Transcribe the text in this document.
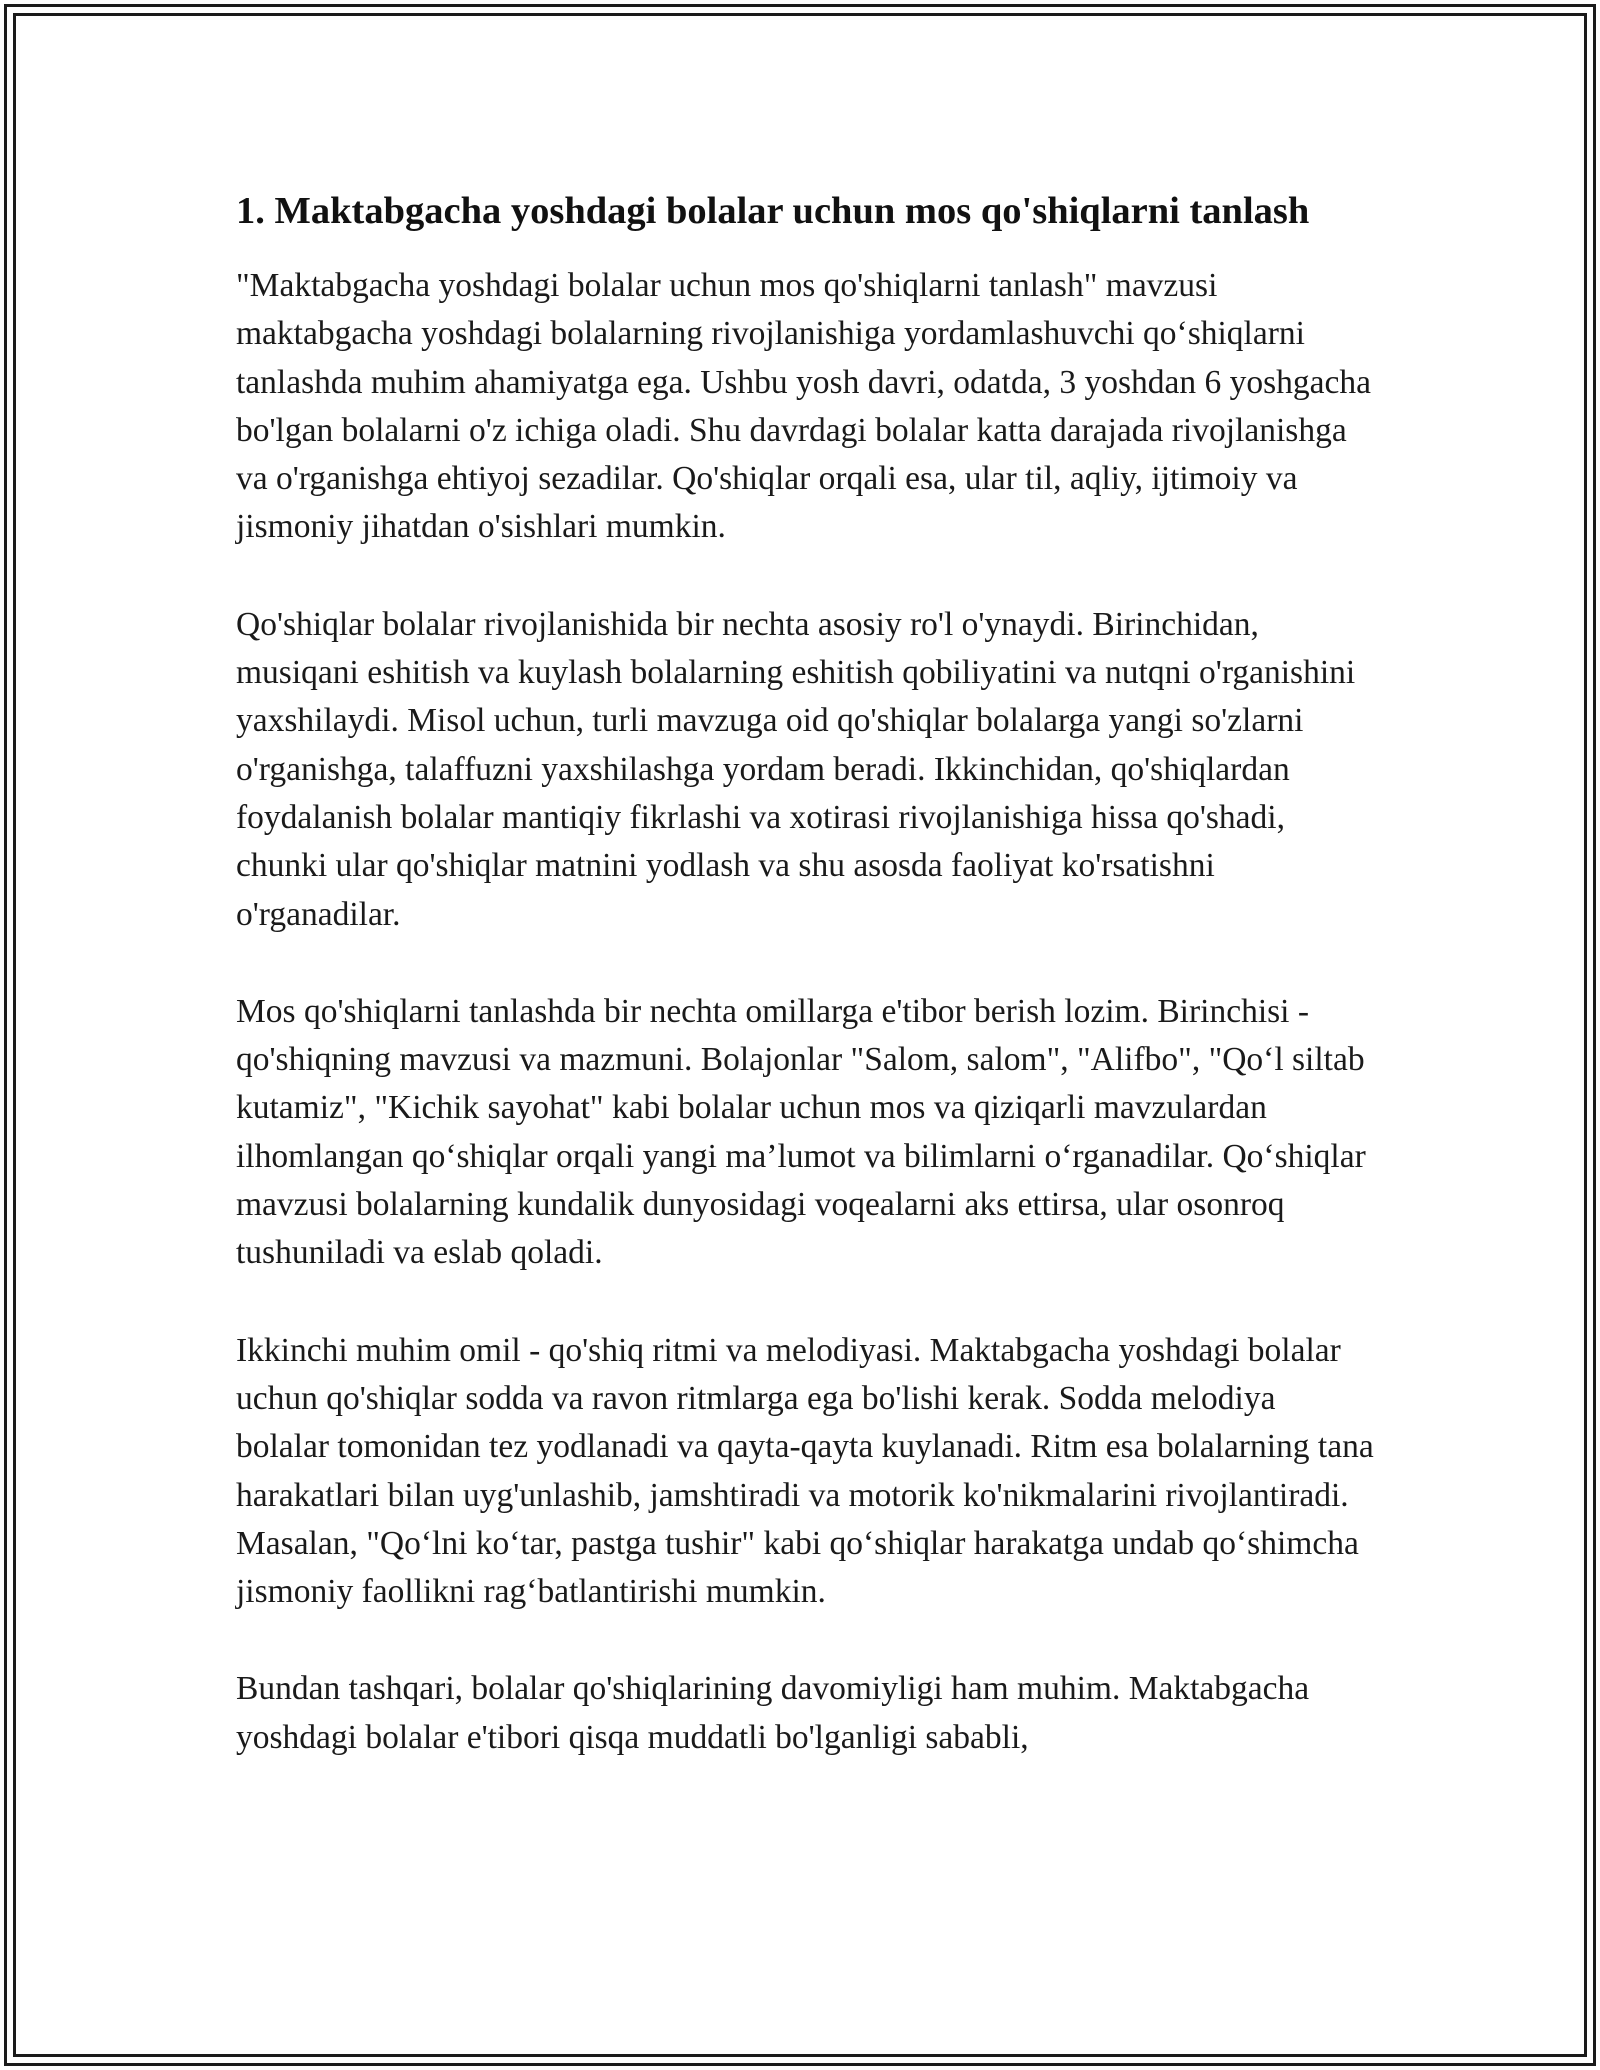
1. Maktabgacha yoshdagi bolalar uchun mos qo'shiqlarni tanlash

"Maktabgacha yoshdagi bolalar uchun mos qo'shiqlarni tanlash" mavzusi maktabgacha yoshdagi bolalarning rivojlanishiga yordamlashuvchi qo‘shiqlarni tanlashda muhim ahamiyatga ega. Ushbu yosh davri, odatda, 3 yoshdan 6 yoshgacha bo'lgan bolalarni o'z ichiga oladi. Shu davrdagi bolalar katta darajada rivojlanishga va o'rganishga ehtiyoj sezadilar. Qo'shiqlar orqali esa, ular til, aqliy, ijtimoiy va jismoniy jihatdan o'sishlari mumkin.

Qo'shiqlar bolalar rivojlanishida bir nechta asosiy ro'l o'ynaydi. Birinchidan, musiqani eshitish va kuylash bolalarning eshitish qobiliyatini va nutqni o'rganishini yaxshilaydi. Misol uchun, turli mavzuga oid qo'shiqlar bolalarga yangi so'zlarni o'rganishga, talaffuzni yaxshilashga yordam beradi. Ikkinchidan, qo'shiqlardan foydalanish bolalar mantiqiy fikrlashi va xotirasi rivojlanishiga hissa qo'shadi, chunki ular qo'shiqlar matnini yodlash va shu asosda faoliyat ko'rsatishni o'rganadilar.

Mos qo'shiqlarni tanlashda bir nechta omillarga e'tibor berish lozim. Birinchisi - qo'shiqning mavzusi va mazmuni. Bolajonlar "Salom, salom", "Alifbo", "Qo‘l siltab kutamiz", "Kichik sayohat" kabi bolalar uchun mos va qiziqarli mavzulardan ilhomlangan qo‘shiqlar orqali yangi ma’lumot va bilimlarni o‘rganadilar. Qo‘shiqlar mavzusi bolalarning kundalik dunyosidagi voqealarni aks ettirsa, ular osonroq tushuniladi va eslab qoladi.

Ikkinchi muhim omil - qo'shiq ritmi va melodiyasi. Maktabgacha yoshdagi bolalar uchun qo'shiqlar sodda va ravon ritmlarga ega bo'lishi kerak. Sodda melodiya bolalar tomonidan tez yodlanadi va qayta-qayta kuylanadi. Ritm esa bolalarning tana harakatlari bilan uyg'unlashib, jamshtiradi va motorik ko'nikmalarini rivojlantiradi. Masalan, "Qo‘lni ko‘tar, pastga tushir" kabi qo‘shiqlar harakatga undab qo‘shimcha jismoniy faollikni rag‘batlantirishi mumkin.

Bundan tashqari, bolalar qo'shiqlarining davomiyligi ham muhim. Maktabgacha yoshdagi bolalar e'tibori qisqa muddatli bo'lganligi sababli,
